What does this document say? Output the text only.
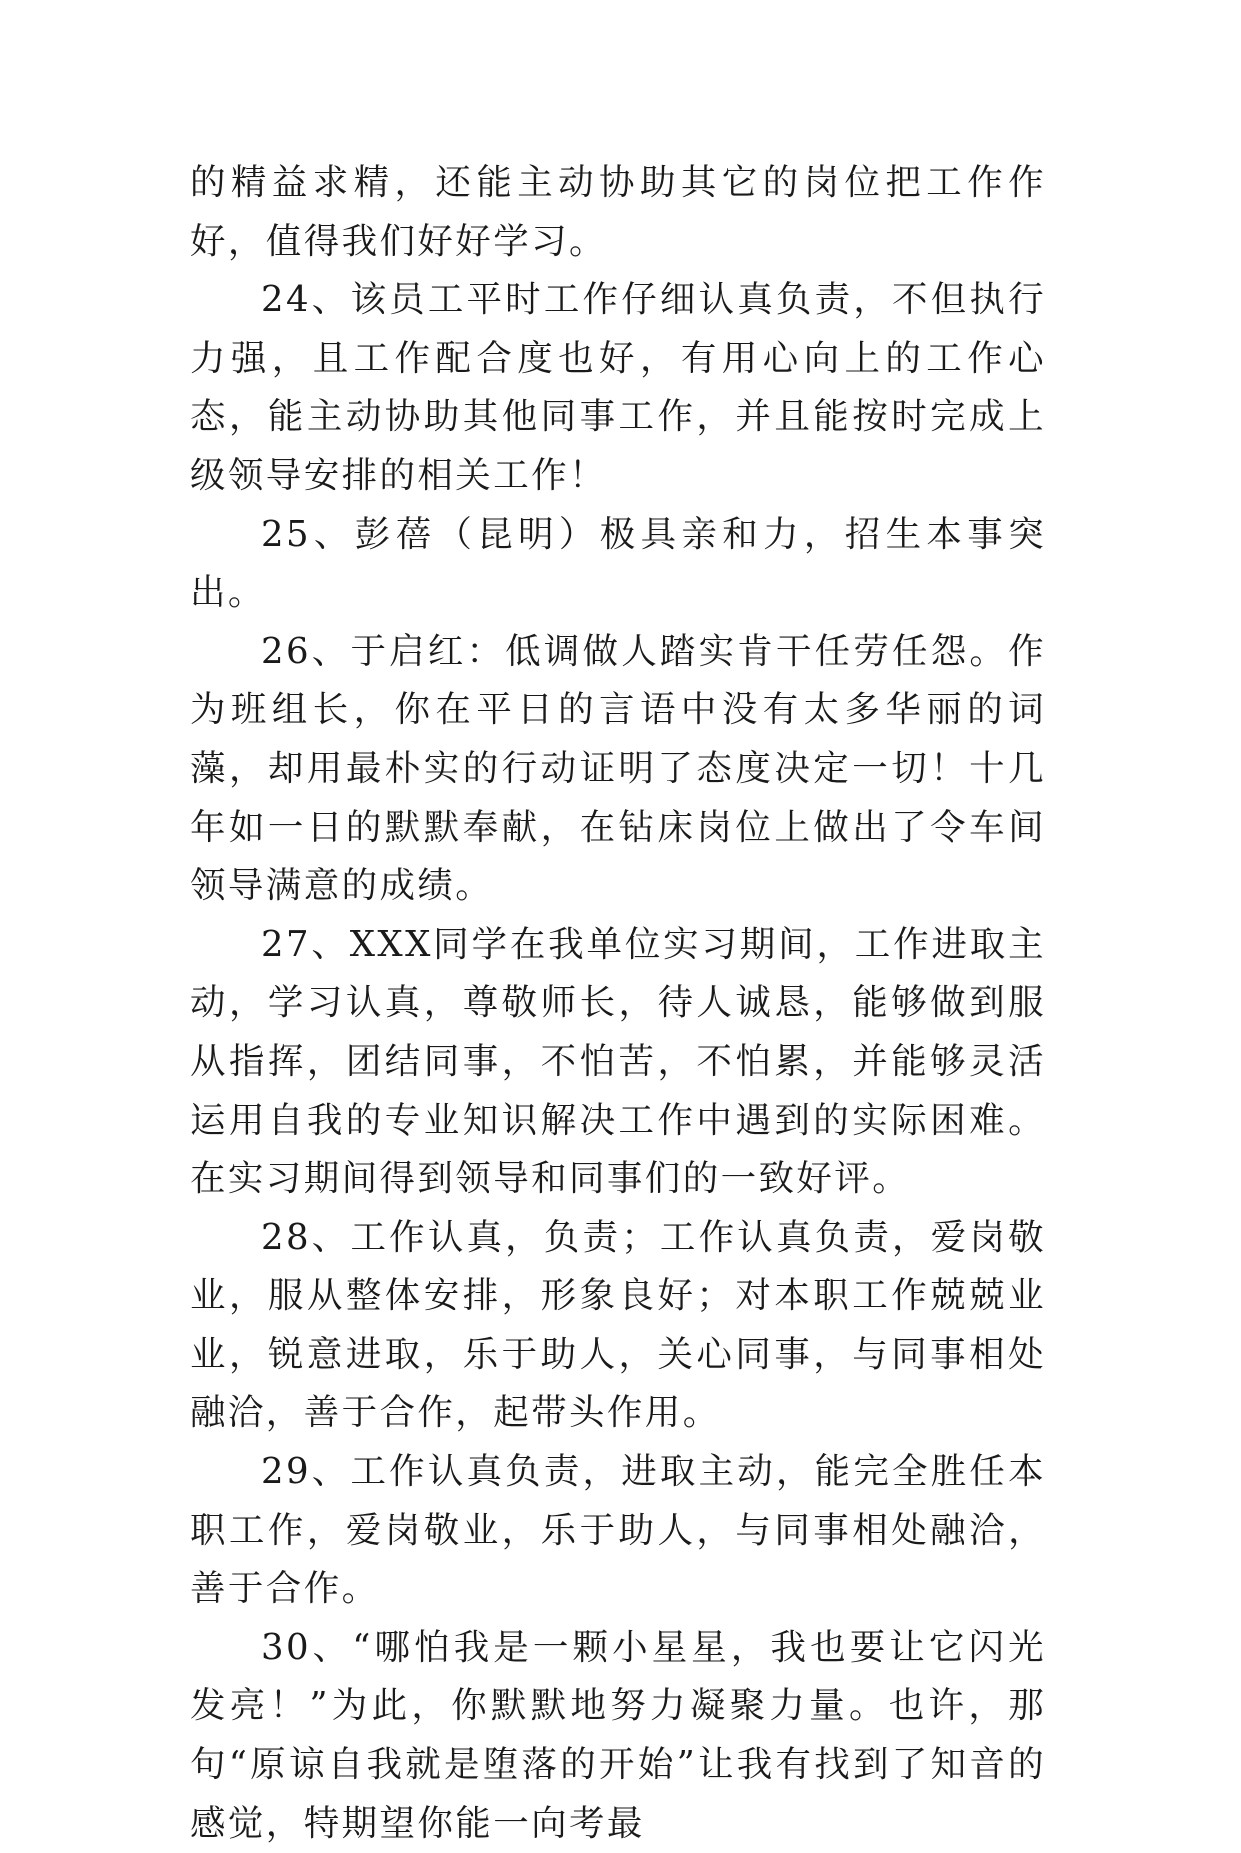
的精益求精，还能主动协助其它的岗位把工作作好，值得我们好好学习。

24、该员工平时工作仔细认真负责，不但执行力强，且工作配合度也好，有用心向上的工作心态，能主动协助其他同事工作，并且能按时完成上级领导安排的相关工作！

25、彭蓓（昆明）极具亲和力，招生本事突出。

26、于启红：低调做人踏实肯干任劳任怨。作为班组长，你在平日的言语中没有太多华丽的词藻，却用最朴实的行动证明了态度决定一切！十几年如一日的默默奉献，在钻床岗位上做出了令车间领导满意的成绩。

27、XXX同学在我单位实习期间，工作进取主动，学习认真，尊敬师长，待人诚恳，能够做到服从指挥，团结同事，不怕苦，不怕累，并能够灵活运用自我的专业知识解决工作中遇到的实际困难。在实习期间得到领导和同事们的一致好评。

28、工作认真，负责；工作认真负责，爱岗敬业，服从整体安排，形象良好；对本职工作兢兢业业，锐意进取，乐于助人，关心同事，与同事相处融洽，善于合作，起带头作用。

29、工作认真负责，进取主动，能完全胜任本职工作，爱岗敬业，乐于助人，与同事相处融洽，善于合作。

30、“哪怕我是一颗小星星，我也要让它闪光发亮！”为此，你默默地努力凝聚力量。也许，那句“原谅自我就是堕落的开始”让我有找到了知音的感觉，特期望你能一向考最
